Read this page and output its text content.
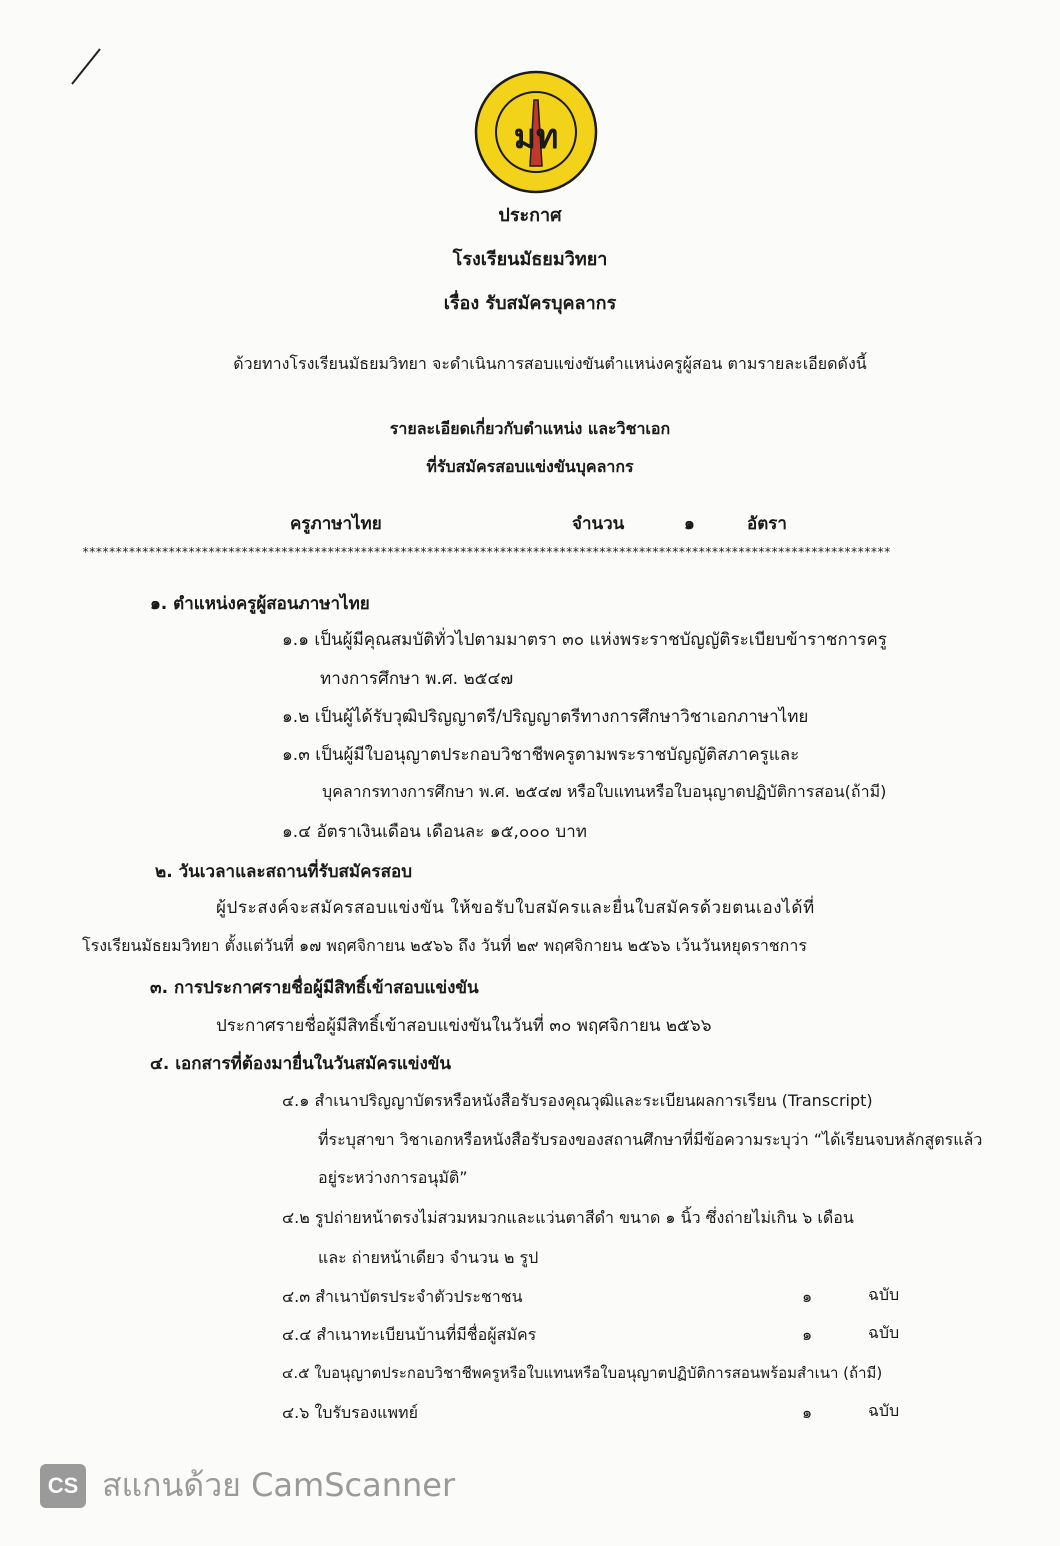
มท
ประกาศ
โรงเรียนมัธยมวิทยา
เรื่อง รับสมัครบุคลากร
ด้วยทางโรงเรียนมัธยมวิทยา จะดำเนินการสอบแข่งขันตำแหน่งครูผู้สอน ตามรายละเอียดดังนี้
รายละเอียดเกี่ยวกับตำแหน่ง และวิชาเอก
ที่รับสมัครสอบแข่งขันบุคลากร
ครูภาษาไทย	จำนวน	๑	อัตรา
**************************************************************************************************************************
๑. ตำแหน่งครูผู้สอนภาษาไทย
๑.๑ เป็นผู้มีคุณสมบัติทั่วไปตามมาตรา ๓๐ แห่งพระราชบัญญัติระเบียบข้าราชการครู
ทางการศึกษา พ.ศ. ๒๕๔๗
๑.๒ เป็นผู้ได้รับวุฒิปริญญาตรี/ปริญญาตรีทางการศึกษาวิชาเอกภาษาไทย
๑.๓ เป็นผู้มีใบอนุญาตประกอบวิชาชีพครูตามพระราชบัญญัติสภาครูและ
บุคลากรทางการศึกษา พ.ศ. ๒๕๔๗ หรือใบแทนหรือใบอนุญาตปฏิบัติการสอน(ถ้ามี)
๑.๔ อัตราเงินเดือน เดือนละ ๑๕,๐๐๐ บาท
๒. วันเวลาและสถานที่รับสมัครสอบ
ผู้ประสงค์จะสมัครสอบแข่งขัน ให้ขอรับใบสมัครและยื่นใบสมัครด้วยตนเองได้ที่
โรงเรียนมัธยมวิทยา ตั้งแต่วันที่ ๑๗ พฤศจิกายน ๒๕๖๖ ถึง วันที่ ๒๙ พฤศจิกายน ๒๕๖๖ เว้นวันหยุดราชการ
๓. การประกาศรายชื่อผู้มีสิทธิ์เข้าสอบแข่งขัน
ประกาศรายชื่อผู้มีสิทธิ์เข้าสอบแข่งขันในวันที่ ๓๐ พฤศจิกายน ๒๕๖๖
๔. เอกสารที่ต้องมายื่นในวันสมัครแข่งขัน
๔.๑ สำเนาปริญญาบัตรหรือหนังสือรับรองคุณวุฒิและระเบียนผลการเรียน (Transcript)
ที่ระบุสาขา วิชาเอกหรือหนังสือรับรองของสถานศึกษาที่มีข้อความระบุว่า “ได้เรียนจบหลักสูตรแล้ว
อยู่ระหว่างการอนุมัติ”
๔.๒ รูปถ่ายหน้าตรงไม่สวมหมวกและแว่นตาสีดำ ขนาด ๑ นิ้ว ซึ่งถ่ายไม่เกิน ๖ เดือน
และ ถ่ายหน้าเดียว จำนวน ๒ รูป
๔.๓ สำเนาบัตรประจำตัวประชาชน	๑	ฉบับ
๔.๔ สำเนาทะเบียนบ้านที่มีชื่อผู้สมัคร	๑	ฉบับ
๔.๕ ใบอนุญาตประกอบวิชาชีพครูหรือใบแทนหรือใบอนุญาตปฏิบัติการสอนพร้อมสำเนา (ถ้ามี)
๔.๖ ใบรับรองแพทย์	๑	ฉบับ
CS สแกนด้วย CamScanner
